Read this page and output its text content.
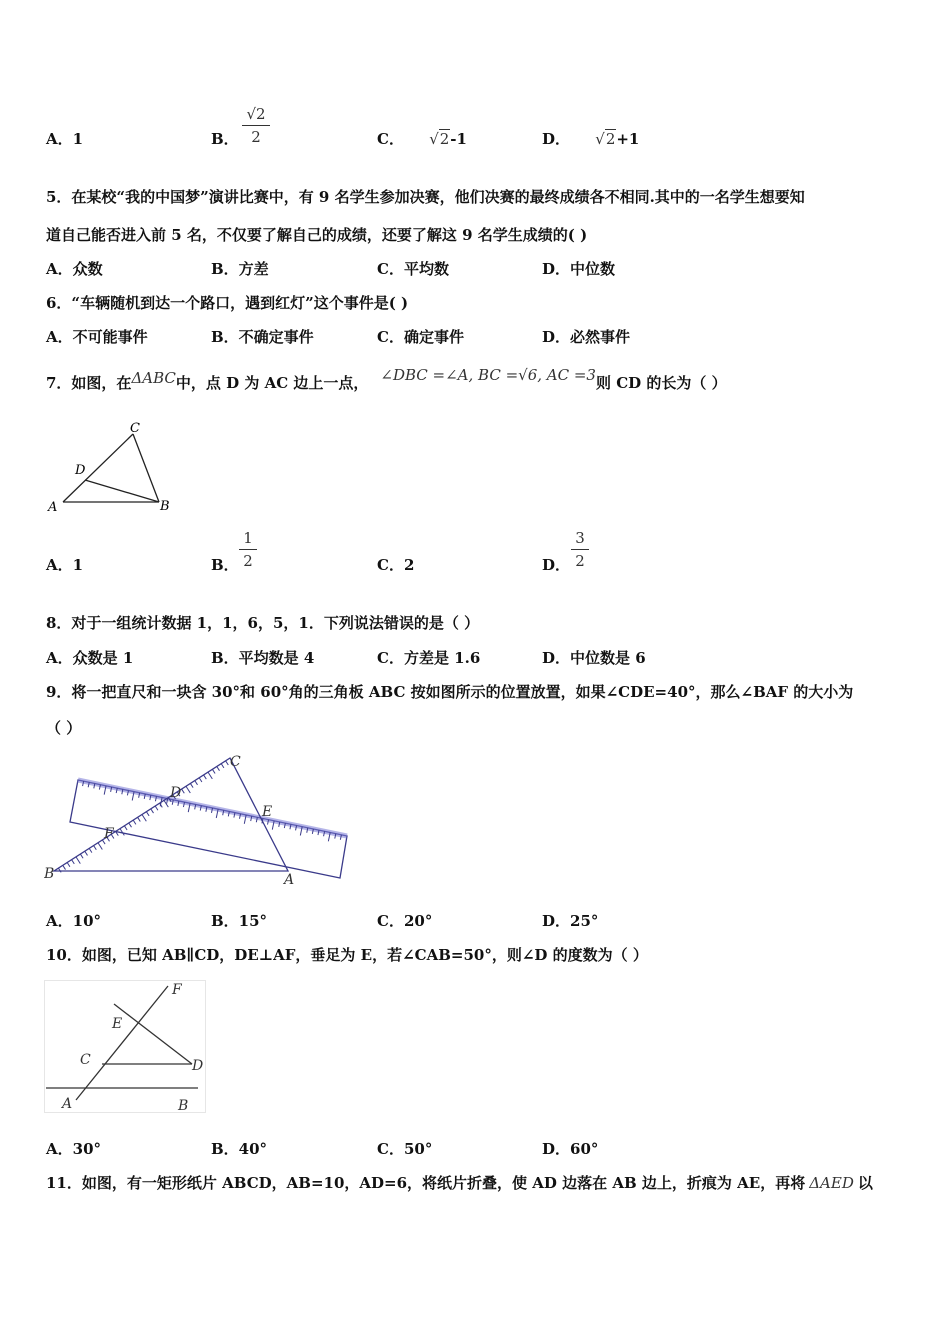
A．1	B．
√2
2	C． √2-1	D． √2+1
5．在某校“我的中国梦”演讲比赛中，有 9 名学生参加决赛，他们决赛的最终成绩各不相同.其中的一名学生想要知
道自己能否进入前 5 名，不仅要了解自己的成绩，还要了解这 9 名学生成绩的( )
A．众数	B．方差	C．平均数	D．中位数
6．“车辆随机到达一个路口，遇到红灯”这个事件是( )
A．不可能事件	B．不确定事件	C．确定事件	D．必然事件
7．如图，在ΔABC中，点 D 为 AC 边上一点， ∠DBC =∠A, BC =√6, AC =3则 CD 的长为（ ）
C
D
A	B
A．1	B．
1
2	C．2	D．
3
2
8．对于一组统计数据 1，1，6，5，1．下列说法错误的是（ ）
A．众数是 1	B．平均数是 4	C．方差是 1.6	D．中位数是 6
9．将一把直尺和一块含 30°和 60°角的三角板 ABC 按如图所示的位置放置，如果∠CDE=40°，那么∠BAF 的大小为
（ ）
C
D
E
F
B	A
A．10°	B．15°	C．20°	D．25°
10．如图，已知 AB∥CD，DE⊥AF，垂足为 E，若∠CAB=50°，则∠D 的度数为（ ）
F
E
C	D
A	B
A．30°	B．40°	C．50°	D．60°
11．如图，有一矩形纸片 ABCD，AB=10，AD=6，将纸片折叠，使 AD 边落在 AB 边上，折痕为 AE，再将 ΔAED 以
